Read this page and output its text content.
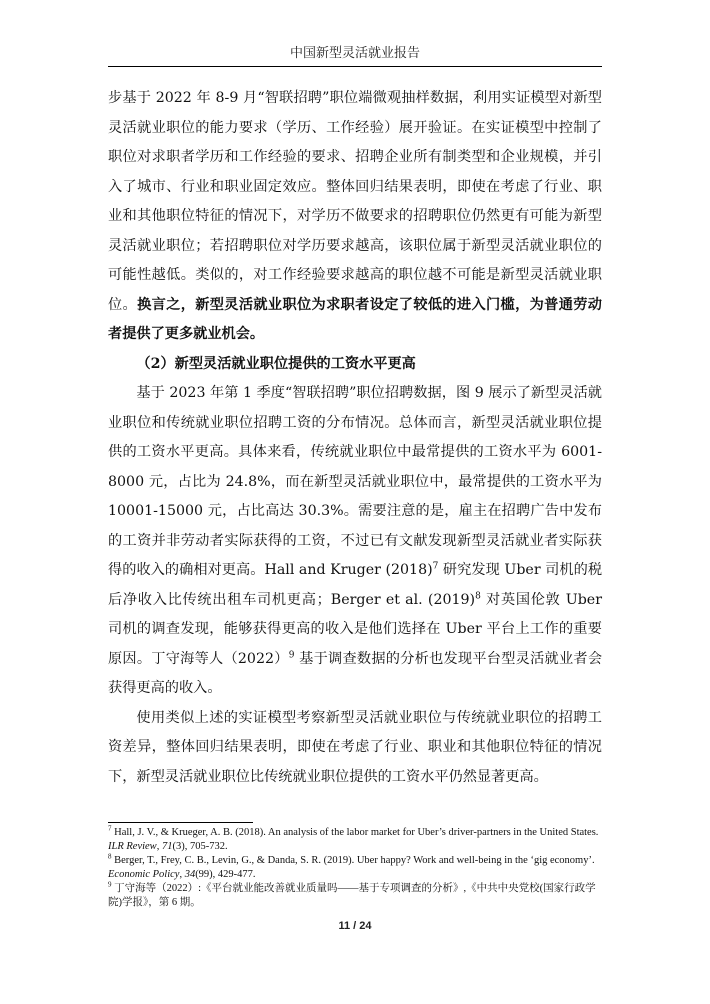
中国新型灵活就业报告

步基于 2022 年 8-9 月“智联招聘”职位端微观抽样数据，利用实证模型对新型灵活就业职位的能力要求（学历、工作经验）展开验证。在实证模型中控制了职位对求职者学历和工作经验的要求、招聘企业所有制类型和企业规模，并引入了城市、行业和职业固定效应。整体回归结果表明，即使在考虑了行业、职业和其他职位特征的情况下，对学历不做要求的招聘职位仍然更有可能为新型灵活就业职位；若招聘职位对学历要求越高，该职位属于新型灵活就业职位的可能性越低。类似的，对工作经验要求越高的职位越不可能是新型灵活就业职位。换言之，新型灵活就业职位为求职者设定了较低的进入门槛，为普通劳动者提供了更多就业机会。

（2）新型灵活就业职位提供的工资水平更高

基于 2023 年第 1 季度“智联招聘”职位招聘数据，图 9 展示了新型灵活就业职位和传统就业职位招聘工资的分布情况。总体而言，新型灵活就业职位提供的工资水平更高。具体来看，传统就业职位中最常提供的工资水平为 6001-8000 元，占比为 24.8%，而在新型灵活就业职位中，最常提供的工资水平为 10001-15000 元，占比高达 30.3%。需要注意的是，雇主在招聘广告中发布的工资并非劳动者实际获得的工资，不过已有文献发现新型灵活就业者实际获得的收入的确相对更高。Hall and Kruger $(2018)^7$ 研究发现 Uber 司机的税后净收入比传统出租车司机更高；Berger et al. $(2019)^8$ 对英国伦敦 Uber 司机的调查发现，能够获得更高的收入是他们选择在 Uber 平台上工作的重要原因。丁守海等人$(2022)^9$ 基于调查数据的分析也发现平台型灵活就业者会获得更高的收入。

使用类似上述的实证模型考察新型灵活就业职位与传统就业职位的招聘工资差异，整体回归结果表明，即使在考虑了行业、职业和其他职位特征的情况下，新型灵活就业职位比传统就业职位提供的工资水平仍然显著更高。

$^7$ Hall, J. V., & Krueger, A. B. (2018). An analysis of the labor market for Uber’s driver-partners in the United States. ILR Review, 71(3), 705-732.

$^8$ Berger, T., Frey, C. B., Levin, G., & Danda, S. R. (2019). Uber happy? Work and well-being in the ‘gig economy’. Economic Policy, 34(99), 429-477.

$^9$ 丁守海等（2022）:《平台就业能改善就业质量吗——基于专项调查的分析》,《中共中央党校(国家行政学院)学报》，第 6 期。

11 / 24
